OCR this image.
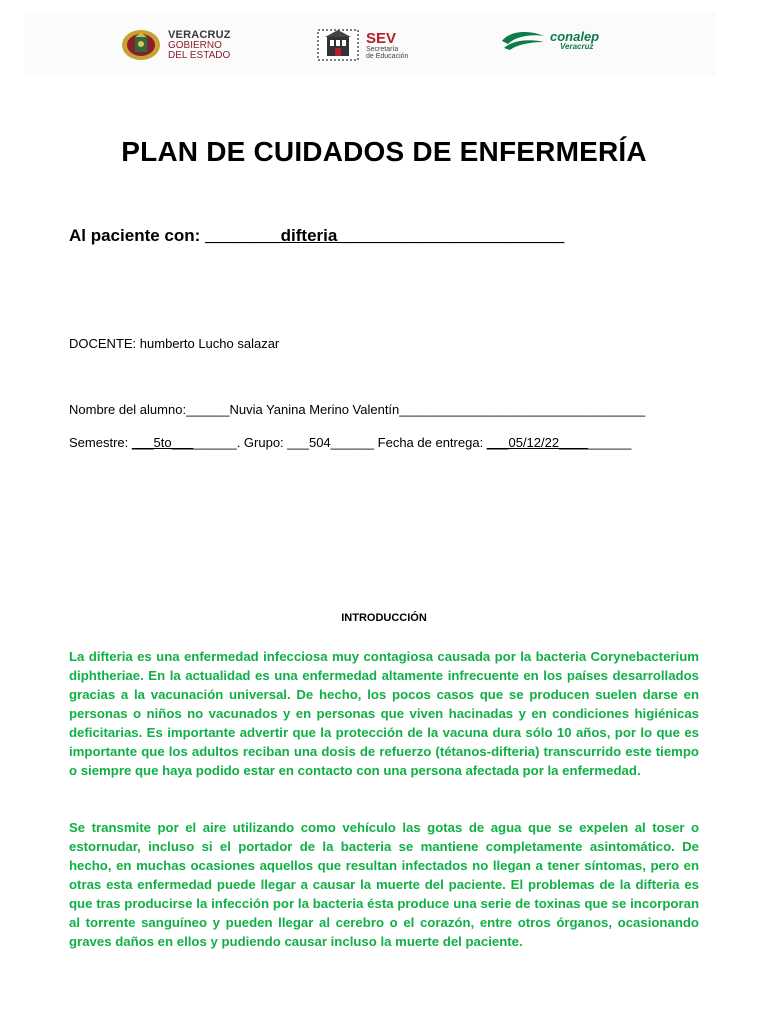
VERACRUZ
GOBIERNO
DEL ESTADO
SEV
Secretaría
de Educación
conalep
Veracruz
PLAN DE CUIDADOS DE ENFERMERÍA
Al paciente con: ________difteria________________________
DOCENTE: humberto Lucho salazar
Nombre del alumno:______Nuvia Yanina Merino Valentín__________________________________
Semestre: ___5to_________. Grupo: ___504______ Fecha de entrega: ___05/12/22__________
INTRODUCCIÓN

La difteria es una enfermedad infecciosa muy contagiosa causada por la bacteria Corynebacterium diphtheriae. En la actualidad es una enfermedad altamente infrecuente en los países desarrollados gracias a la vacunación universal. De hecho, los pocos casos que se producen suelen darse en personas o niños no vacunados y en personas que viven hacinadas y en condiciones higiénicas deficitarias. Es importante advertir que la protección de la vacuna dura sólo 10 años, por lo que es importante que los adultos reciban una dosis de refuerzo (tétanos-difteria) transcurrido este tiempo o siempre que haya podido estar en contacto con una persona afectada por la enfermedad.

Se transmite por el aire utilizando como vehículo las gotas de agua que se expelen al toser o estornudar, incluso si el portador de la bacteria se mantiene completamente asintomático. De hecho, en muchas ocasiones aquellos que resultan infectados no llegan a tener síntomas, pero en otras esta enfermedad puede llegar a causar la muerte del paciente. El problemas de la difteria es que tras producirse la infección por la bacteria ésta produce una serie de toxinas que se incorporan al torrente sanguíneo y pueden llegar al cerebro o el corazón, entre otros órganos, ocasionando graves daños en ellos y pudiendo causar incluso la muerte del paciente.
